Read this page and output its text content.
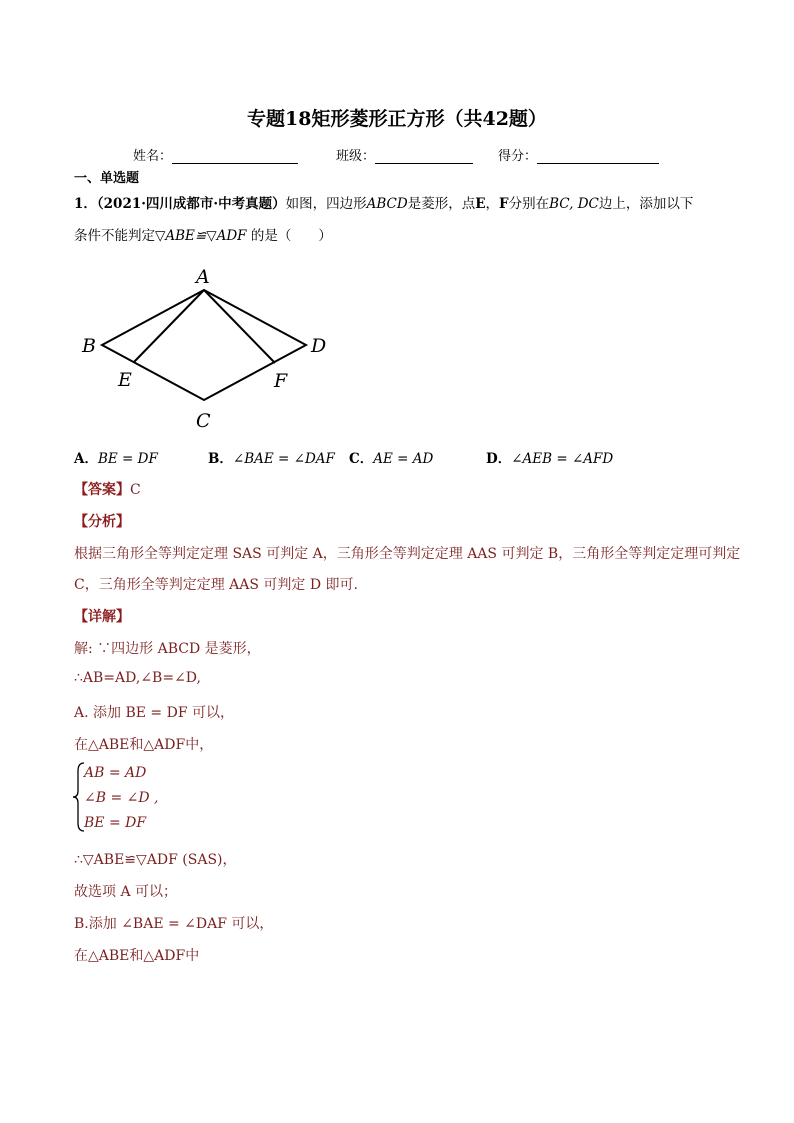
专题18矩形菱形正方形（共42题）
姓名：	班级：	得分：
一、单选题
1．（2021·四川成都市·中考真题）如图，四边形ABCD是菱形，点E，F分别在BC, DC边上，添加以下
条件不能判定▽ABE≌▽ADF 的是（　　）
A
B
C
D
E	F
A．BE = DF	B．∠BAE = ∠DAF C．AE = AD	D．∠AEB = ∠AFD
【答案】C
【分析】
根据三角形全等判定定理 SAS 可判定 A，三角形全等判定定理 AAS 可判定 B，三角形全等判定定理可判定
C，三角形全等判定定理 AAS 可判定 D 即可.
【详解】
解: ∵四边形 ABCD 是菱形，
∴AB=AD,∠B=∠D,
A. 添加 BE = DF 可以，
在△ABE和△ADF中，
AB = AD
∠B = ∠D ,
BE = DF
∴▽ABE≌▽ADF (SAS)，
故选项 A 可以；
B.添加 ∠BAE = ∠DAF 可以，
在△ABE和△ADF中
